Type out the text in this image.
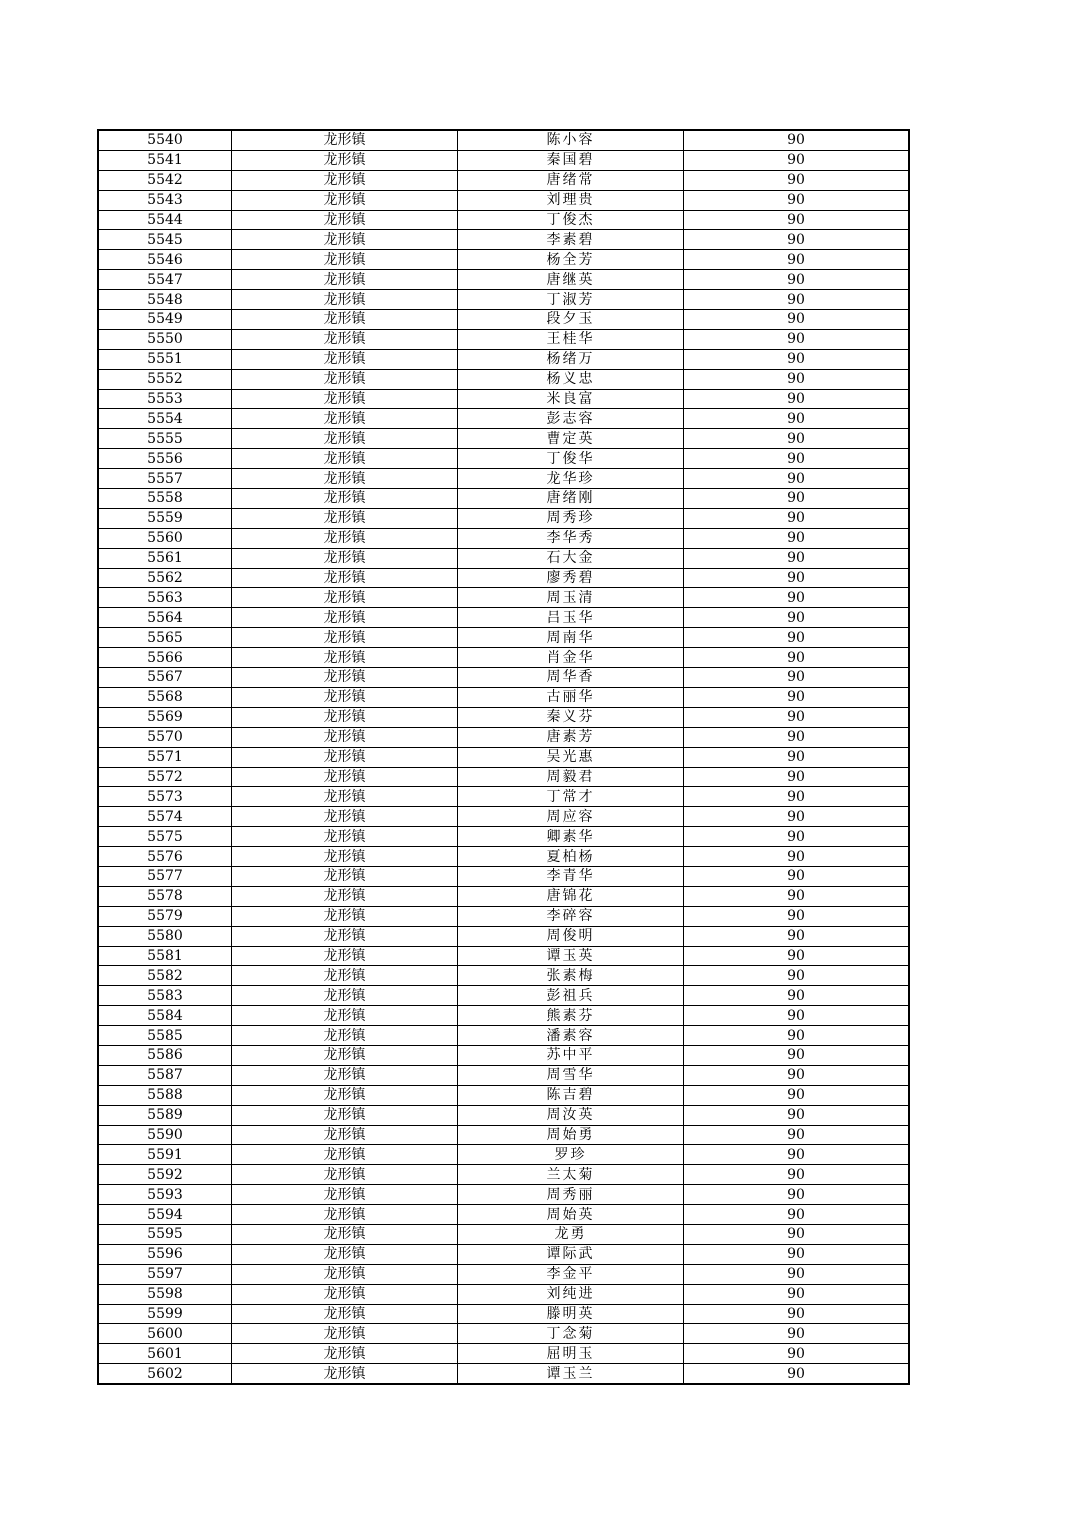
5540	龙形镇	陈小容	90
5541	龙形镇	秦国碧	90
5542	龙形镇	唐绪常	90
5543	龙形镇	刘理贵	90
5544	龙形镇	丁俊杰	90
5545	龙形镇	李素碧	90
5546	龙形镇	杨全芳	90
5547	龙形镇	唐继英	90
5548	龙形镇	丁淑芳	90
5549	龙形镇	段夕玉	90
5550	龙形镇	王桂华	90
5551	龙形镇	杨绪万	90
5552	龙形镇	杨义忠	90
5553	龙形镇	米良富	90
5554	龙形镇	彭志容	90
5555	龙形镇	曹定英	90
5556	龙形镇	丁俊华	90
5557	龙形镇	龙华珍	90
5558	龙形镇	唐绪刚	90
5559	龙形镇	周秀珍	90
5560	龙形镇	李华秀	90
5561	龙形镇	石大金	90
5562	龙形镇	廖秀碧	90
5563	龙形镇	周玉清	90
5564	龙形镇	吕玉华	90
5565	龙形镇	周南华	90
5566	龙形镇	肖金华	90
5567	龙形镇	周华香	90
5568	龙形镇	古丽华	90
5569	龙形镇	秦义芬	90
5570	龙形镇	唐素芳	90
5571	龙形镇	吴光惠	90
5572	龙形镇	周毅君	90
5573	龙形镇	丁常才	90
5574	龙形镇	周应容	90
5575	龙形镇	卿素华	90
5576	龙形镇	夏柏杨	90
5577	龙形镇	李青华	90
5578	龙形镇	唐锦花	90
5579	龙形镇	李碎容	90
5580	龙形镇	周俊明	90
5581	龙形镇	谭玉英	90
5582	龙形镇	张素梅	90
5583	龙形镇	彭祖兵	90
5584	龙形镇	熊素芬	90
5585	龙形镇	潘素容	90
5586	龙形镇	苏中平	90
5587	龙形镇	周雪华	90
5588	龙形镇	陈吉碧	90
5589	龙形镇	周汝英	90
5590	龙形镇	周始勇	90
5591	龙形镇	罗珍	90
5592	龙形镇	兰太菊	90
5593	龙形镇	周秀丽	90
5594	龙形镇	周始英	90
5595	龙形镇	龙勇	90
5596	龙形镇	谭际武	90
5597	龙形镇	李金平	90
5598	龙形镇	刘纯进	90
5599	龙形镇	滕明英	90
5600	龙形镇	丁念菊	90
5601	龙形镇	屈明玉	90
5602	龙形镇	谭玉兰	90
